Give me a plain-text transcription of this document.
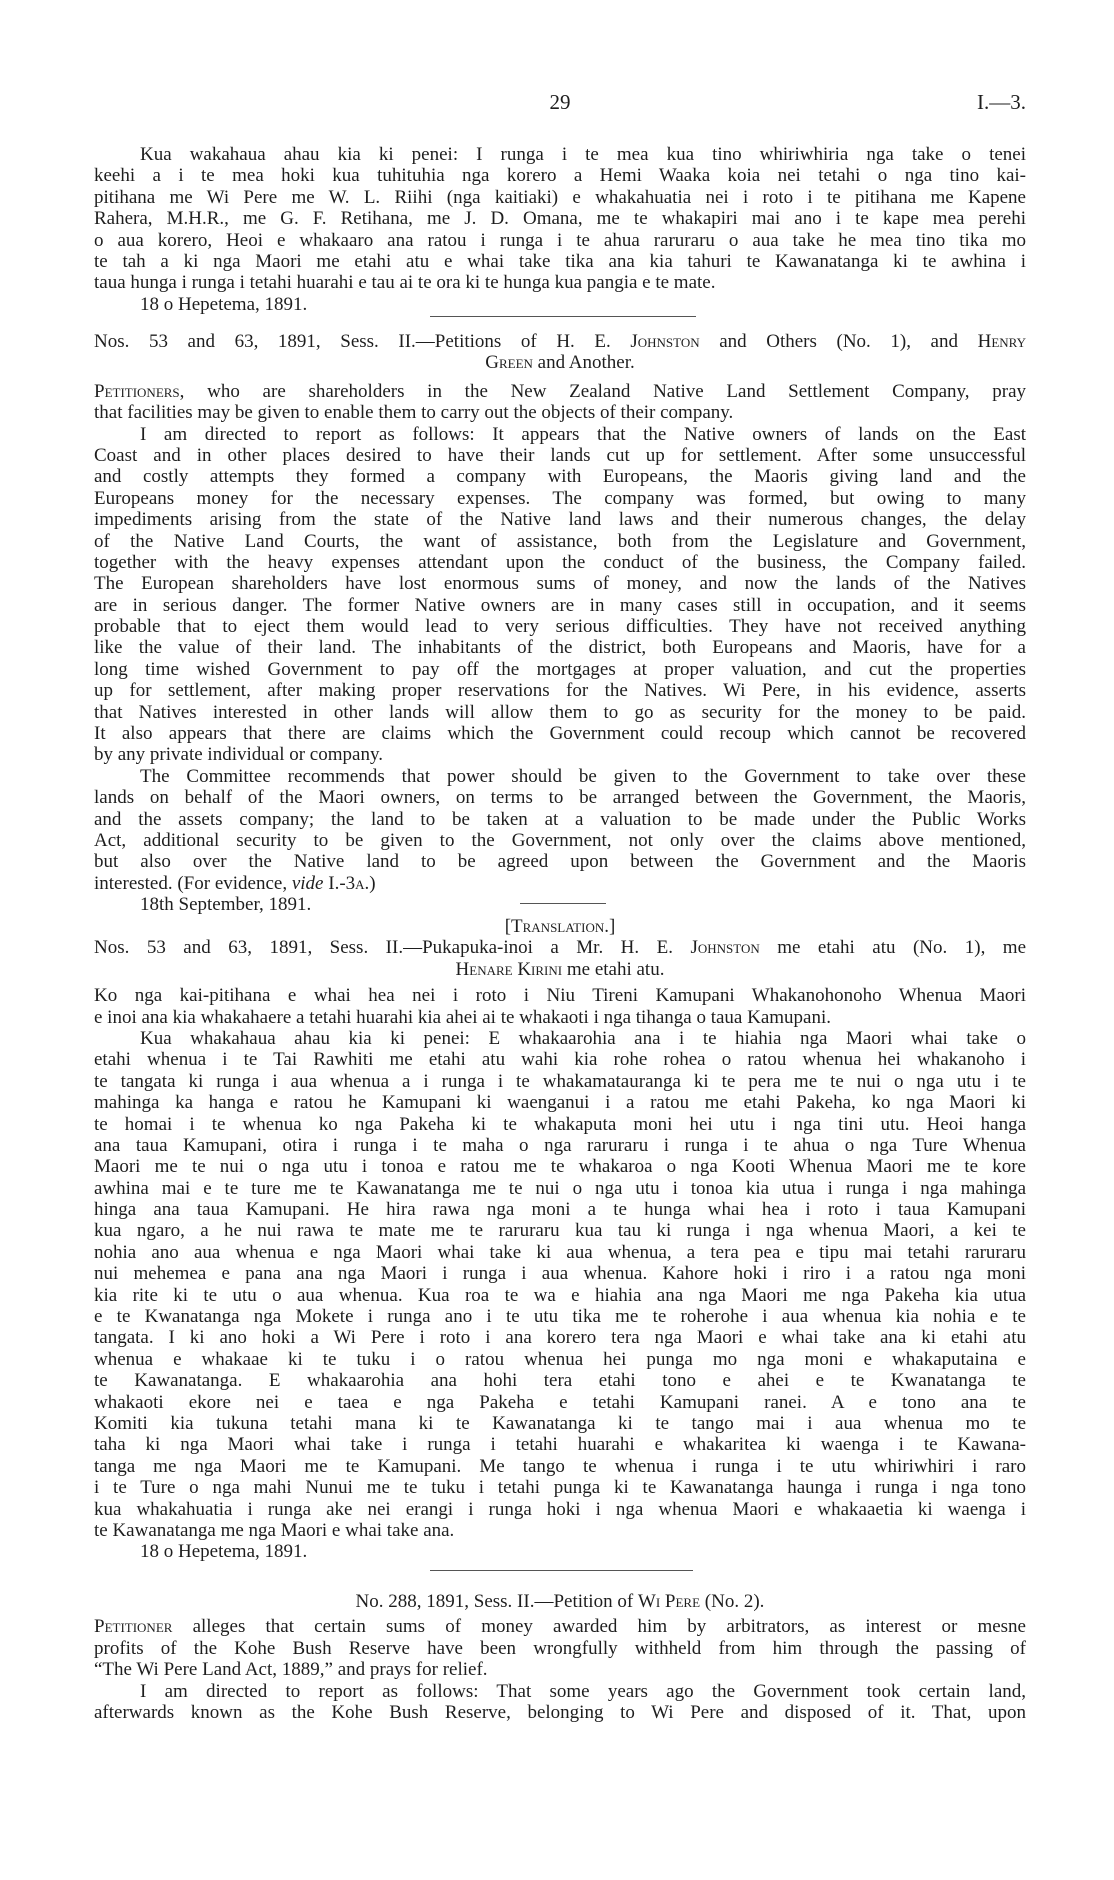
29	I.—3.
Kua wakahaua ahau kia ki penei: I runga i te mea kua tino whiriwhiria nga take o tenei
keehi a i te mea hoki kua tuhituhia nga korero a Hemi Waaka koia nei tetahi o nga tino kai-
pitihana me Wi Pere me W. L. Riihi (nga kaitiaki) e whakahuatia nei i roto i te pitihana me Kapene
Rahera, M.H.R., me G. F. Retihana, me J. D. Omana, me te whakapiri mai ano i te kape mea perehi
o aua korero, Heoi e whakaaro ana ratou i runga i te ahua raruraru o aua take he mea tino tika mo
te tah a ki nga Maori me etahi atu e whai take tika ana kia tahuri te Kawanatanga ki te awhina i
taua hunga i runga i tetahi huarahi e tau ai te ora ki te hunga kua pangia e te mate.
18 o Hepetema, 1891.
Nos. 53 and 63, 1891, Sess. II.—Petitions of H. E. Johnston and Others (No. 1), and Henry
Green and Another.
Petitioners, who are shareholders in the New Zealand Native Land Settlement Company, pray
that facilities may be given to enable them to carry out the objects of their company.
I am directed to report as follows: It appears that the Native owners of lands on the East
Coast and in other places desired to have their lands cut up for settlement. After some unsuccessful
and costly attempts they formed a company with Europeans, the Maoris giving land and the
Europeans money for the necessary expenses. The company was formed, but owing to many
impediments arising from the state of the Native land laws and their numerous changes, the delay
of the Native Land Courts, the want of assistance, both from the Legislature and Government,
together with the heavy expenses attendant upon the conduct of the business, the Company failed.
The European shareholders have lost enormous sums of money, and now the lands of the Natives
are in serious danger. The former Native owners are in many cases still in occupation, and it seems
probable that to eject them would lead to very serious difficulties. They have not received anything
like the value of their land. The inhabitants of the district, both Europeans and Maoris, have for a
long time wished Government to pay off the mortgages at proper valuation, and cut the properties
up for settlement, after making proper reservations for the Natives. Wi Pere, in his evidence, asserts
that Natives interested in other lands will allow them to go as security for the money to be paid.
It also appears that there are claims which the Government could recoup which cannot be recovered
by any private individual or company.
The Committee recommends that power should be given to the Government to take over these
lands on behalf of the Maori owners, on terms to be arranged between the Government, the Maoris,
and the assets company; the land to be taken at a valuation to be made under the Public Works
Act, additional security to be given to the Government, not only over the claims above mentioned,
but also over the Native land to be agreed upon between the Government and the Maoris
interested. (For evidence, vide I.-3a.)
18th September, 1891.
[Translation.]
Nos. 53 and 63, 1891, Sess. II.—Pukapuka-inoi a Mr. H. E. Johnston me etahi atu (No. 1), me
Henare Kirini me etahi atu.
Ko nga kai-pitihana e whai hea nei i roto i Niu Tireni Kamupani Whakanohonoho Whenua Maori
e inoi ana kia whakahaere a tetahi huarahi kia ahei ai te whakaoti i nga tihanga o taua Kamupani.
Kua whakahaua ahau kia ki penei: E whakaarohia ana i te hiahia nga Maori whai take o
etahi whenua i te Tai Rawhiti me etahi atu wahi kia rohe rohea o ratou whenua hei whakanoho i
te tangata ki runga i aua whenua a i runga i te whakamatauranga ki te pera me te nui o nga utu i te
mahinga ka hanga e ratou he Kamupani ki waenganui i a ratou me etahi Pakeha, ko nga Maori ki
te homai i te whenua ko nga Pakeha ki te whakaputa moni hei utu i nga tini utu. Heoi hanga
ana taua Kamupani, otira i runga i te maha o nga raruraru i runga i te ahua o nga Ture Whenua
Maori me te nui o nga utu i tonoa e ratou me te whakaroa o nga Kooti Whenua Maori me te kore
awhina mai e te ture me te Kawanatanga me te nui o nga utu i tonoa kia utua i runga i nga mahinga
hinga ana taua Kamupani. He hira rawa nga moni a te hunga whai hea i roto i taua Kamupani
kua ngaro, a he nui rawa te mate me te raruraru kua tau ki runga i nga whenua Maori, a kei te
nohia ano aua whenua e nga Maori whai take ki aua whenua, a tera pea e tipu mai tetahi raruraru
nui mehemea e pana ana nga Maori i runga i aua whenua. Kahore hoki i riro i a ratou nga moni
kia rite ki te utu o aua whenua. Kua roa te wa e hiahia ana nga Maori me nga Pakeha kia utua
e te Kwanatanga nga Mokete i runga ano i te utu tika me te roherohe i aua whenua kia nohia e te
tangata. I ki ano hoki a Wi Pere i roto i ana korero tera nga Maori e whai take ana ki etahi atu
whenua e whakaae ki te tuku i o ratou whenua hei punga mo nga moni e whakaputaina e
te Kawanatanga. E whakaarohia ana hohi tera etahi tono e ahei e te Kwanatanga te
whakaoti ekore nei e taea e nga Pakeha e tetahi Kamupani ranei. A e tono ana te
Komiti kia tukuna tetahi mana ki te Kawanatanga ki te tango mai i aua whenua mo te
taha ki nga Maori whai take i runga i tetahi huarahi e whakaritea ki waenga i te Kawana-
tanga me nga Maori me te Kamupani. Me tango te whenua i runga i te utu whiriwhiri i raro
i te Ture o nga mahi Nunui me te tuku i tetahi punga ki te Kawanatanga haunga i runga i nga tono
kua whakahuatia i runga ake nei erangi i runga hoki i nga whenua Maori e whakaaetia ki waenga i
te Kawanatanga me nga Maori e whai take ana.
18 o Hepetema, 1891.
No. 288, 1891, Sess. II.—Petition of Wi Pere (No. 2).
Petitioner alleges that certain sums of money awarded him by arbitrators, as interest or mesne
profits of the Kohe Bush Reserve have been wrongfully withheld from him through the passing of
“The Wi Pere Land Act, 1889,” and prays for relief.
I am directed to report as follows: That some years ago the Government took certain land,
afterwards known as the Kohe Bush Reserve, belonging to Wi Pere and disposed of it. That, upon
